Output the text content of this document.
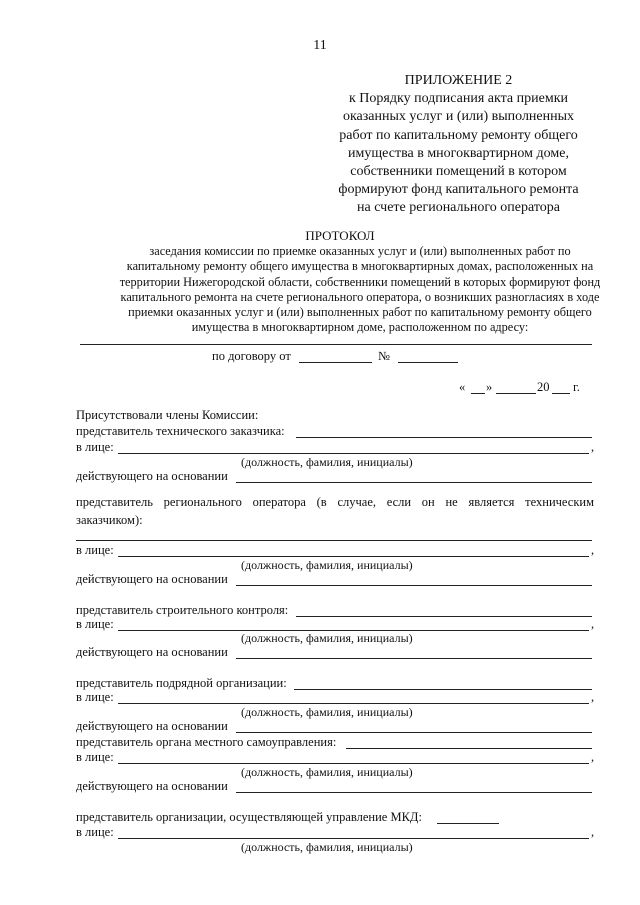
11
ПРИЛОЖЕНИЕ 2
к Порядку подписания акта приемки
оказанных услуг и (или) выполненных
работ по капитальному ремонту общего
имущества в многоквартирном доме,
собственники помещений в котором
формируют фонд капитального ремонта
на счете регионального оператора
ПРОТОКОЛ
заседания комиссии по приемке оказанных услуг и (или) выполненных работ по
капитальному ремонту общего имущества в многоквартирных домах, расположенных на
территории Нижегородской области, собственники помещений в которых формируют фонд
капитального ремонта на счете регионального оператора, о возникших разногласиях в ходе
приемки оказанных услуг и (или) выполненных работ по капитальному ремонту общего
имущества в многоквартирном доме, расположенном по адресу:
по договору от	№
« »	20 г.
Присутствовали члены Комиссии:
представитель технического заказчика:
в лице:	,
(должность, фамилия, инициалы)
действующего на основании
представитель регионального оператора (в случае, если он не является техническим заказчиком):
в лице:	,
(должность, фамилия, инициалы)
действующего на основании
представитель строительного контроля:
в лице:	,
(должность, фамилия, инициалы)
действующего на основании
представитель подрядной организации:
в лице:	,
(должность, фамилия, инициалы)
действующего на основании
представитель органа местного самоуправления:
в лице:	,
(должность, фамилия, инициалы)
действующего на основании
представитель организации, осуществляющей управление МКД:
в лице:	,
(должность, фамилия, инициалы)
